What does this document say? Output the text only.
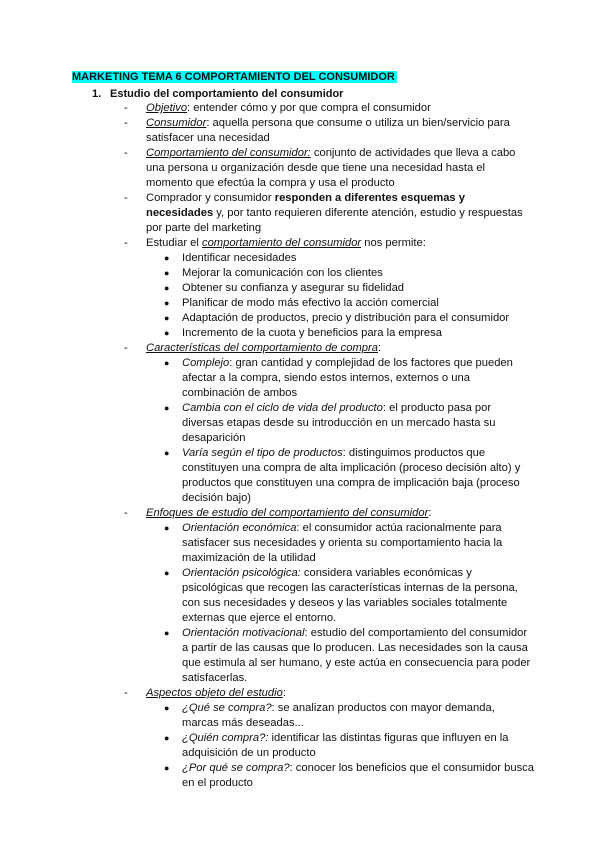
MARKETING TEMA 6 COMPORTAMIENTO DEL CONSUMIDOR
1. Estudio del comportamiento del consumidor
- Objetivo: entender cómo y por que compra el consumidor
- Consumidor: aquella persona que consume o utiliza un bien/servicio para satisfacer una necesidad
- Comportamiento del consumidor: conjunto de actividades que lleva a cabo una persona u organización desde que tiene una necesidad hasta el momento que efectúa la compra y usa el producto
- Comprador y consumidor responden a diferentes esquemas y necesidades y, por tanto requieren diferente atención, estudio y respuestas por parte del marketing
- Estudiar el comportamiento del consumidor nos permite:
● Identificar necesidades
● Mejorar la comunicación con los clientes
● Obtener su confianza y asegurar su fidelidad
● Planificar de modo más efectivo la acción comercial
● Adaptación de productos, precio y distribución para el consumidor
● Incremento de la cuota y beneficios para la empresa
- Características del comportamiento de compra:
● Complejo: gran cantidad y complejidad de los factores que pueden afectar a la compra, siendo estos internos, externos o una combinación de ambos
● Cambia con el ciclo de vida del producto: el producto pasa por diversas etapas desde su introducción en un mercado hasta su desaparición
● Varía según el tipo de productos: distinguimos productos que constituyen una compra de alta implicación (proceso decisión alto) y productos que constituyen una compra de implicación baja (proceso decisión bajo)
- Enfoques de estudio del comportamiento del consumidor:
● Orientación económica: el consumidor actúa racionalmente para satisfacer sus necesidades y orienta su comportamiento hacia la maximización de la utilidad
● Orientación psicológica: considera variables económicas y psicológicas que recogen las características internas de la persona, con sus necesidades y deseos y las variables sociales totalmente externas que ejerce el entorno.
● Orientación motivacional: estudio del comportamiento del consumidor a partir de las causas que lo producen. Las necesidades son la causa que estimula al ser humano, y este actúa en consecuencia para poder satisfacerlas.
- Aspectos objeto del estudio:
● ¿Qué se compra?: se analizan productos con mayor demanda, marcas más deseadas...
● ¿Quién compra?: identificar las distintas figuras que influyen en la adquisición de un producto
● ¿Por qué se compra?: conocer los beneficios que el consumidor busca en el producto
